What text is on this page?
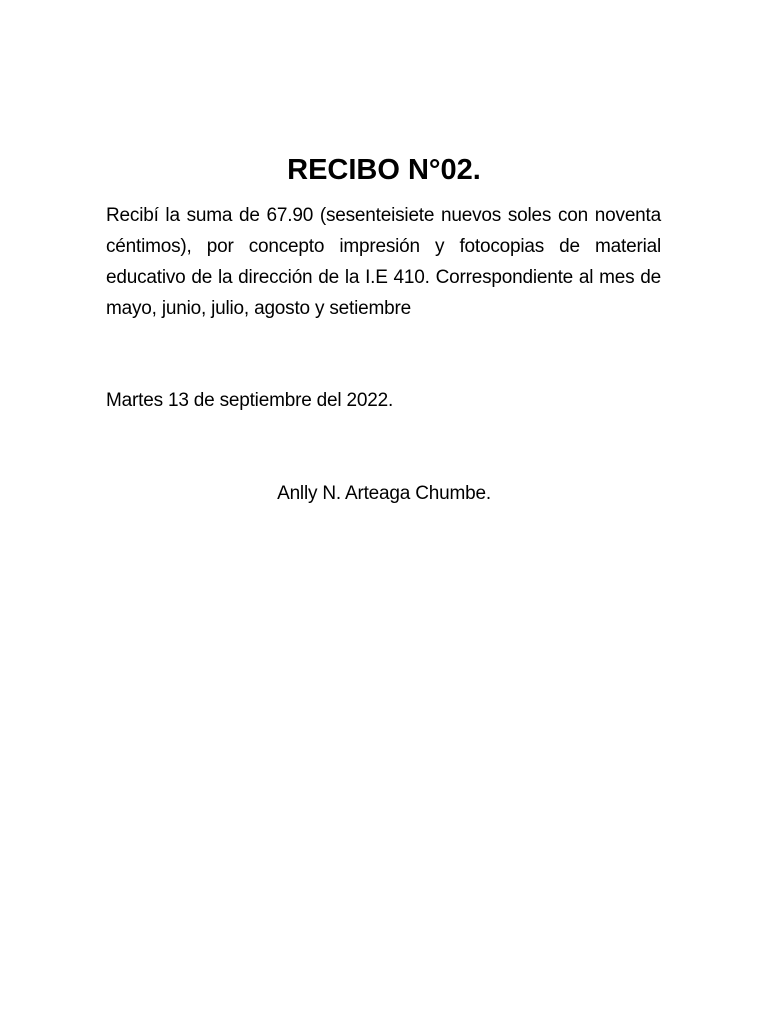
RECIBO N°02.

Recibí la suma de 67.90 (sesenteisiete nuevos soles con noventa céntimos), por concepto impresión y fotocopias de material educativo de la dirección de la I.E 410. Correspondiente al mes de mayo, junio, julio, agosto y setiembre

Martes 13 de septiembre del 2022.

Anlly N. Arteaga Chumbe.
